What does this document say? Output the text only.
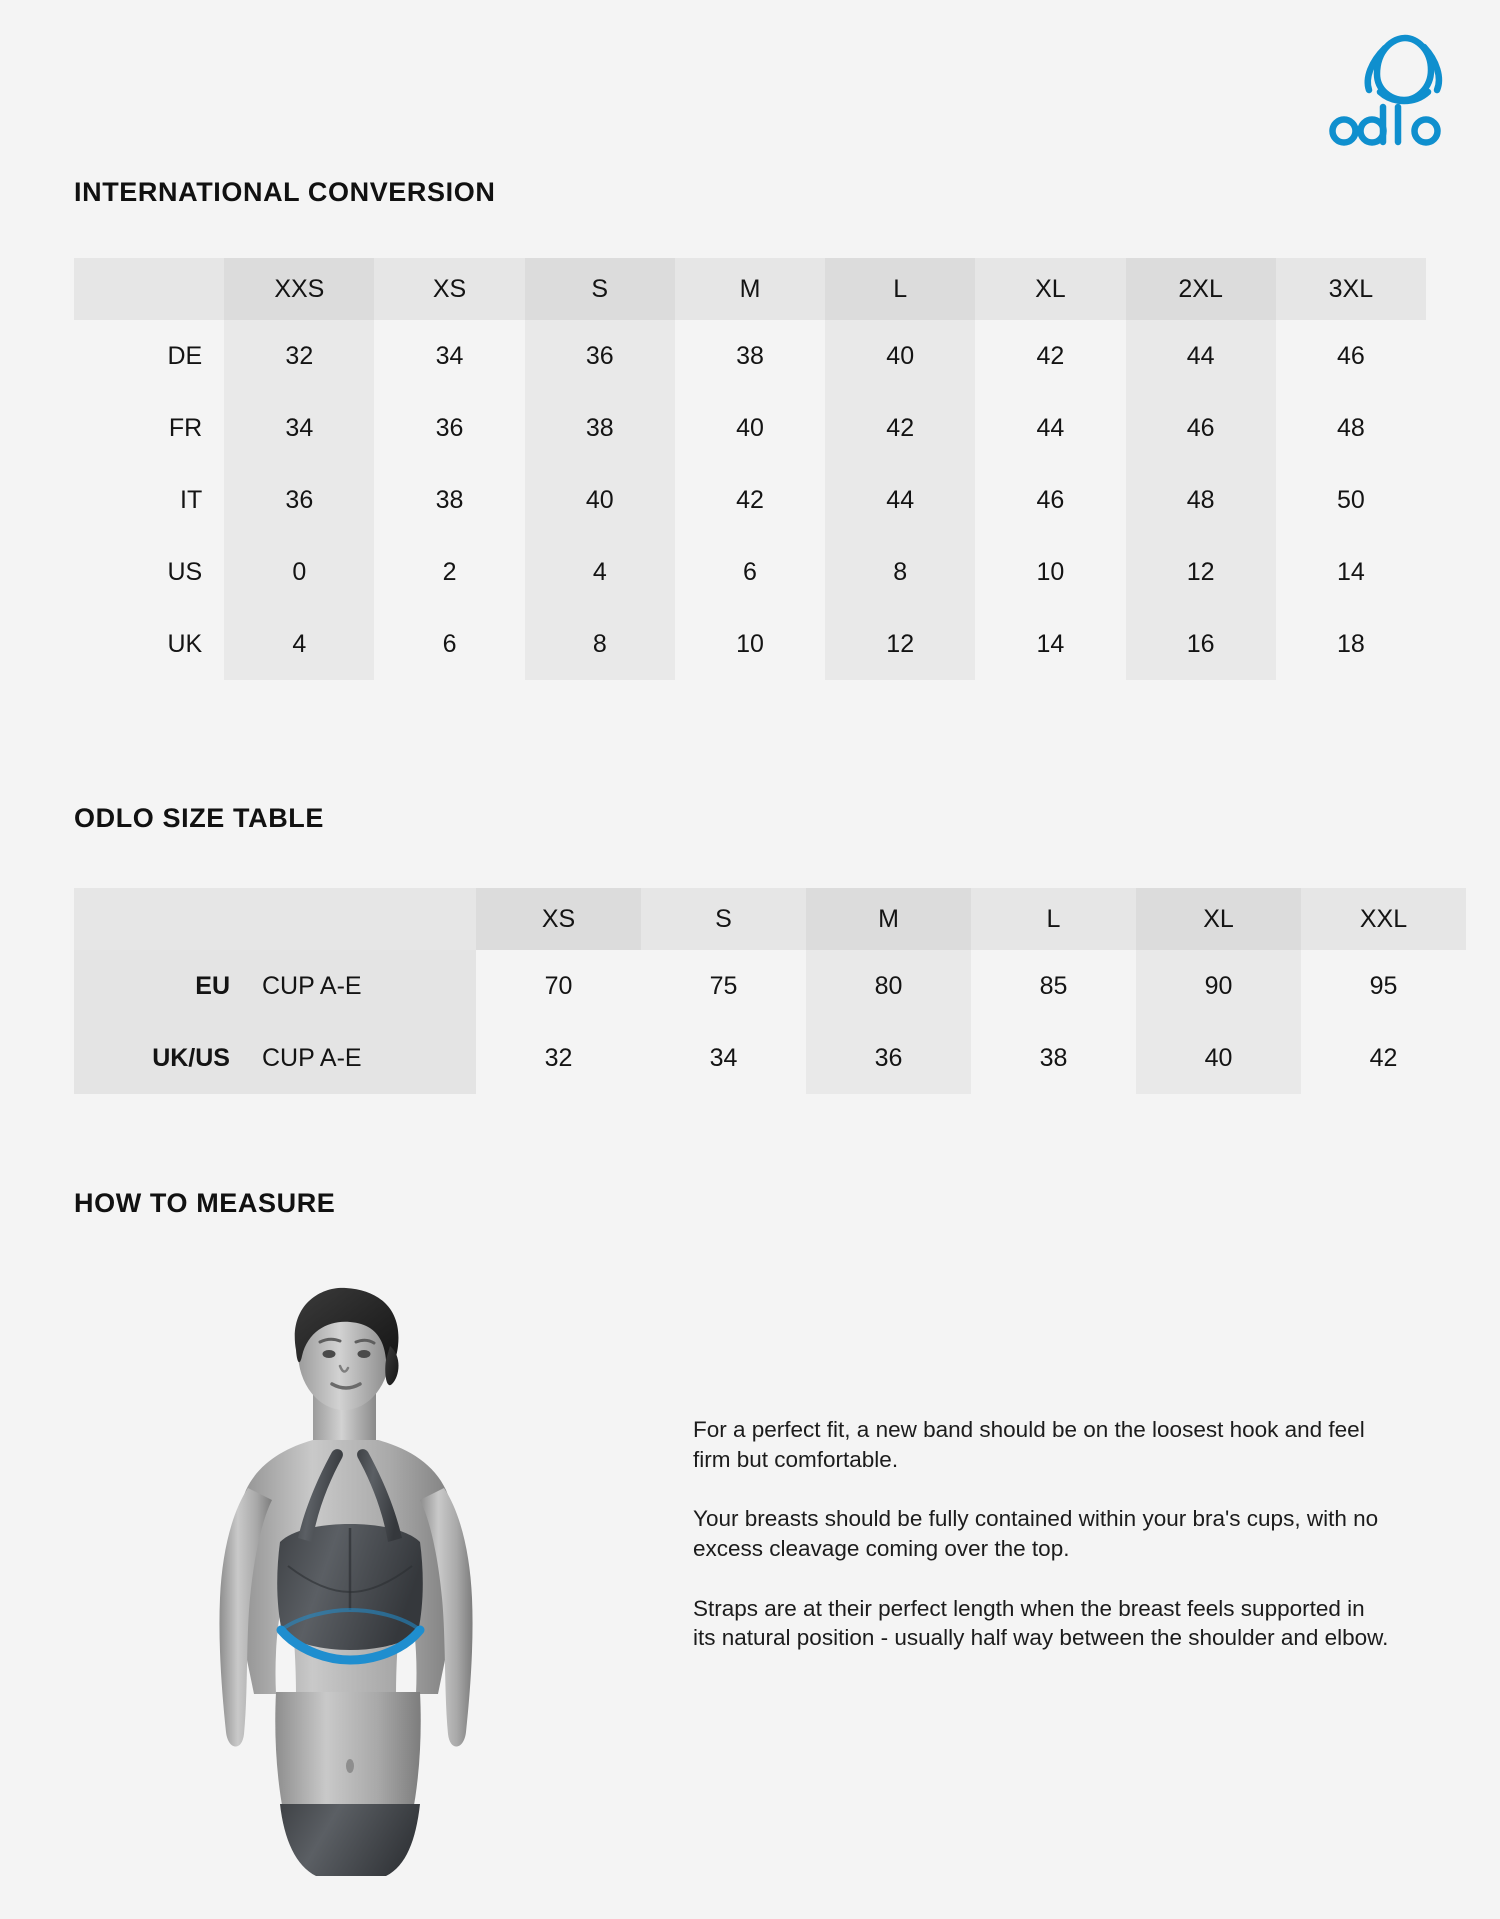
INTERNATIONAL CONVERSION
	XXS	XS	S	M	L	XL	2XL	3XL
DE	32	34	36	38	40	42	44	46
FR	34	36	38	40	42	44	46	48
IT	36	38	40	42	44	46	48	50
US	0	2	4	6	8	10	12	14
UK	4	6	8	10	12	14	16	18
ODLO SIZE TABLE
		XS	S	M	L	XL	XXL
EU	CUP A-E	70	75	80	85	90	95
UK/US	CUP A-E	32	34	36	38	40	42
HOW TO MEASURE

For a perfect fit, a new band should be on the loosest hook and feel firm but comfortable.

Your breasts should be fully contained within your bra's cups, with no excess cleavage coming over the top.

Straps are at their perfect length when the breast feels supported in its natural position - usually half way between the shoulder and elbow.
